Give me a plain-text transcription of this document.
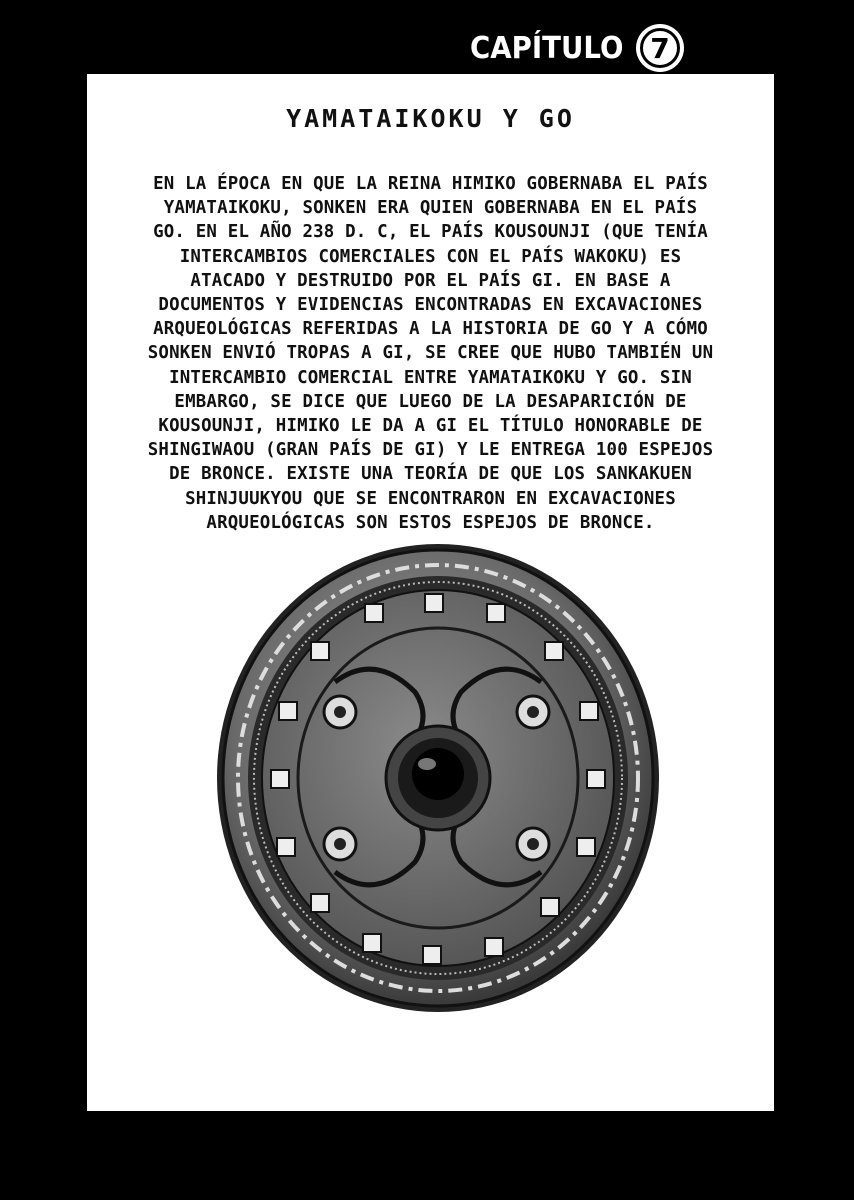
CAPÍTULO 7
YAMATAIKOKU Y GO
EN LA ÉPOCA EN QUE LA REINA HIMIKO GOBERNABA EL PAÍS
YAMATAIKOKU, SONKEN ERA QUIEN GOBERNABA EN EL PAÍS
GO. EN EL AÑO 238 D. C, EL PAÍS KOUSOUNJI (QUE TENÍA
INTERCAMBIOS COMERCIALES CON EL PAÍS WAKOKU) ES
ATACADO Y DESTRUIDO POR EL PAÍS GI. EN BASE A
DOCUMENTOS Y EVIDENCIAS ENCONTRADAS EN EXCAVACIONES
ARQUEOLÓGICAS REFERIDAS A LA HISTORIA DE GO Y A CÓMO
SONKEN ENVIÓ TROPAS A GI, SE CREE QUE HUBO TAMBIÉN UN
INTERCAMBIO COMERCIAL ENTRE YAMATAIKOKU Y GO. SIN
EMBARGO, SE DICE QUE LUEGO DE LA DESAPARICIÓN DE
KOUSOUNJI, HIMIKO LE DA A GI EL TÍTULO HONORABLE DE
SHINGIWAOU (GRAN PAÍS DE GI) Y LE ENTREGA 100 ESPEJOS
DE BRONCE. EXISTE UNA TEORÍA DE QUE LOS SANKAKUEN
SHINJUUKYOU QUE SE ENCONTRARON EN EXCAVACIONES
ARQUEOLÓGICAS SON ESTOS ESPEJOS DE BRONCE.
